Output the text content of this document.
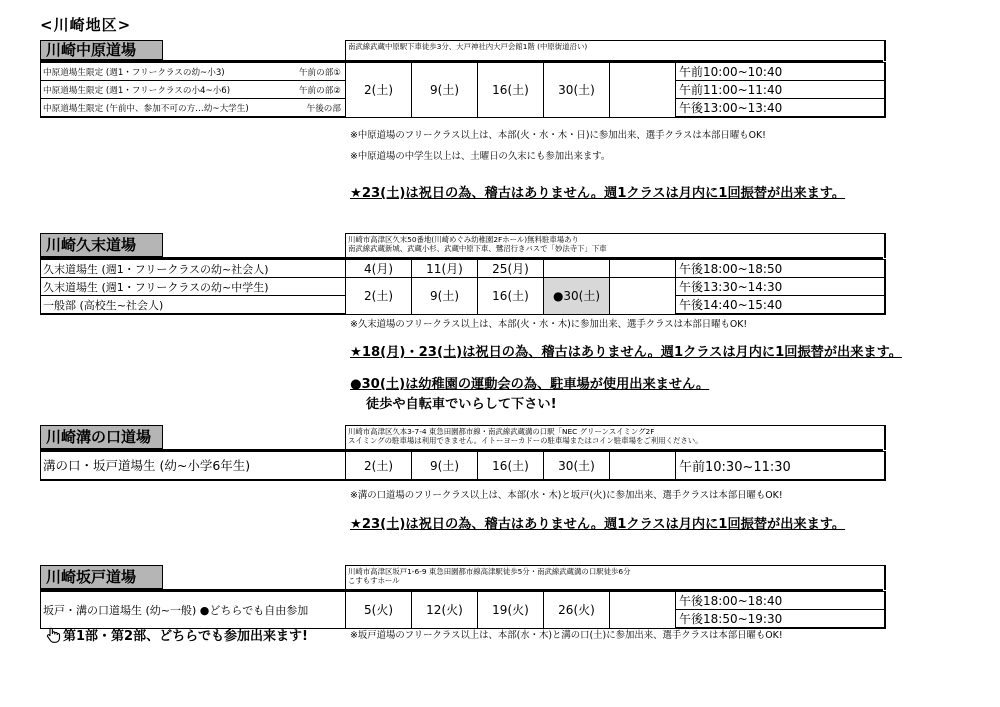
<川崎地区>
川崎中原道場	南武線武蔵中原駅下車徒歩3分、大戸神社内大戸会館1階 (中原街道沿い)
中原道場生限定 (週1・フリークラスの幼~小3) 午前の部①	2(土)	9(土)	16(土)	30(土)		午前10:00~10:40
中原道場生限定 (週1・フリークラスの小4~小6) 午前の部②						午前11:00~11:40
中原道場生限定 (午前中、参加不可の方…幼~大学生) 午後の部						午後13:00~13:40
※中原道場のフリークラス以上は、本部(火・水・木・日)に参加出来、選手クラスは本部日曜もOK!
※中原道場の中学生以上は、土曜日の久末にも参加出来ます。
★23(土)は祝日の為、稽古はありません。週1クラスは月内に1回振替が出来ます。
川崎久末道場	川崎市高津区久末50番地(川崎めぐみ幼稚園2Fホール)無料駐車場あり
南武線武蔵新城、武蔵小杉、武蔵中原下車、鷺沼行きバスで「妙法寺下」下車
久末道場生 (週1・フリークラスの幼~社会人)	4(月)	11(月)	25(月)			午後18:00~18:50
久末道場生 (週1・フリークラスの幼~中学生)	2(土)	9(土)	16(土)	●30(土)		午後13:30~14:30
一般部 (高校生~社会人)						午後14:40~15:40
※久末道場のフリークラス以上は、本部(火・水・木)に参加出来、選手クラスは本部日曜もOK!
★18(月)・23(土)は祝日の為、稽古はありません。週1クラスは月内に1回振替が出来ます。
●30(土)は幼稚園の運動会の為、駐車場が使用出来ません。
徒歩や自転車でいらして下さい!
川崎溝の口道場	川崎市高津区久本3-7-4 東急田園都市線・南武線武蔵溝の口駅「NEC グリーンスイミング2F
スイミングの駐車場は利用できません。イトーヨーカドーの駐車場またはコイン駐車場をご利用ください。
溝の口・坂戸道場生 (幼~小学6年生)	2(土)	9(土)	16(土)	30(土)		午前10:30~11:30
※溝の口道場のフリークラス以上は、本部(水・木)と坂戸(火)に参加出来、選手クラスは本部日曜もOK!
★23(土)は祝日の為、稽古はありません。週1クラスは月内に1回振替が出来ます。
川崎坂戸道場	川崎市高津区坂戸1-6-9 東急田園都市線高津駅徒歩5分・南武線武蔵溝の口駅徒歩6分
こすもすホール
坂戸・溝の口道場生 (幼~一般) ●どちらでも自由参加	5(火)	12(火)	19(火)	26(火)		午後18:00~18:40
午後18:50~19:30
第1部・第2部、どちらでも参加出来ます!	※坂戸道場のフリークラス以上は、本部(水・木)と溝の口(土)に参加出来、選手クラスは本部日曜もOK!
